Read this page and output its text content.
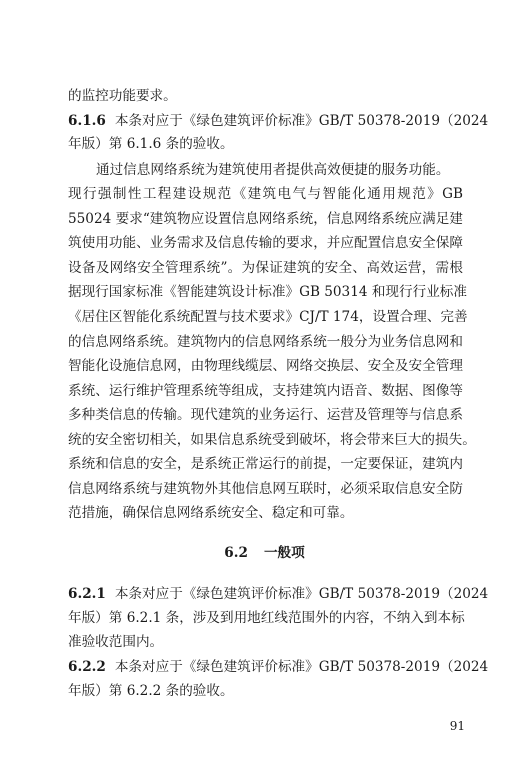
的监控功能要求。
6.1.6 本条对应于《绿色建筑评价标准》GB/T 50378-2019（2024
年版）第 6.1.6 条的验收。
通过信息网络系统为建筑使用者提供高效便捷的服务功能。
现行强制性工程建设规范《建筑电气与智能化通用规范》GB
55024 要求“建筑物应设置信息网络系统，信息网络系统应满足建
筑使用功能、业务需求及信息传输的要求，并应配置信息安全保障
设备及网络安全管理系统”。为保证建筑的安全、高效运营，需根
据现行国家标准《智能建筑设计标准》GB 50314 和现行行业标准
《居住区智能化系统配置与技术要求》CJ/T 174，设置合理、完善
的信息网络系统。建筑物内的信息网络系统一般分为业务信息网和
智能化设施信息网，由物理线缆层、网络交换层、安全及安全管理
系统、运行维护管理系统等组成，支持建筑内语音、数据、图像等
多种类信息的传输。现代建筑的业务运行、运营及管理等与信息系
统的安全密切相关，如果信息系统受到破坏，将会带来巨大的损失。
系统和信息的安全，是系统正常运行的前提，一定要保证，建筑内
信息网络系统与建筑物外其他信息网互联时，必须采取信息安全防
范措施，确保信息网络系统安全、稳定和可靠。
6.2 一般项
6.2.1 本条对应于《绿色建筑评价标准》GB/T 50378-2019（2024
年版）第 6.2.1 条，涉及到用地红线范围外的内容，不纳入到本标
准验收范围内。
6.2.2 本条对应于《绿色建筑评价标准》GB/T 50378-2019（2024
年版）第 6.2.2 条的验收。
91
